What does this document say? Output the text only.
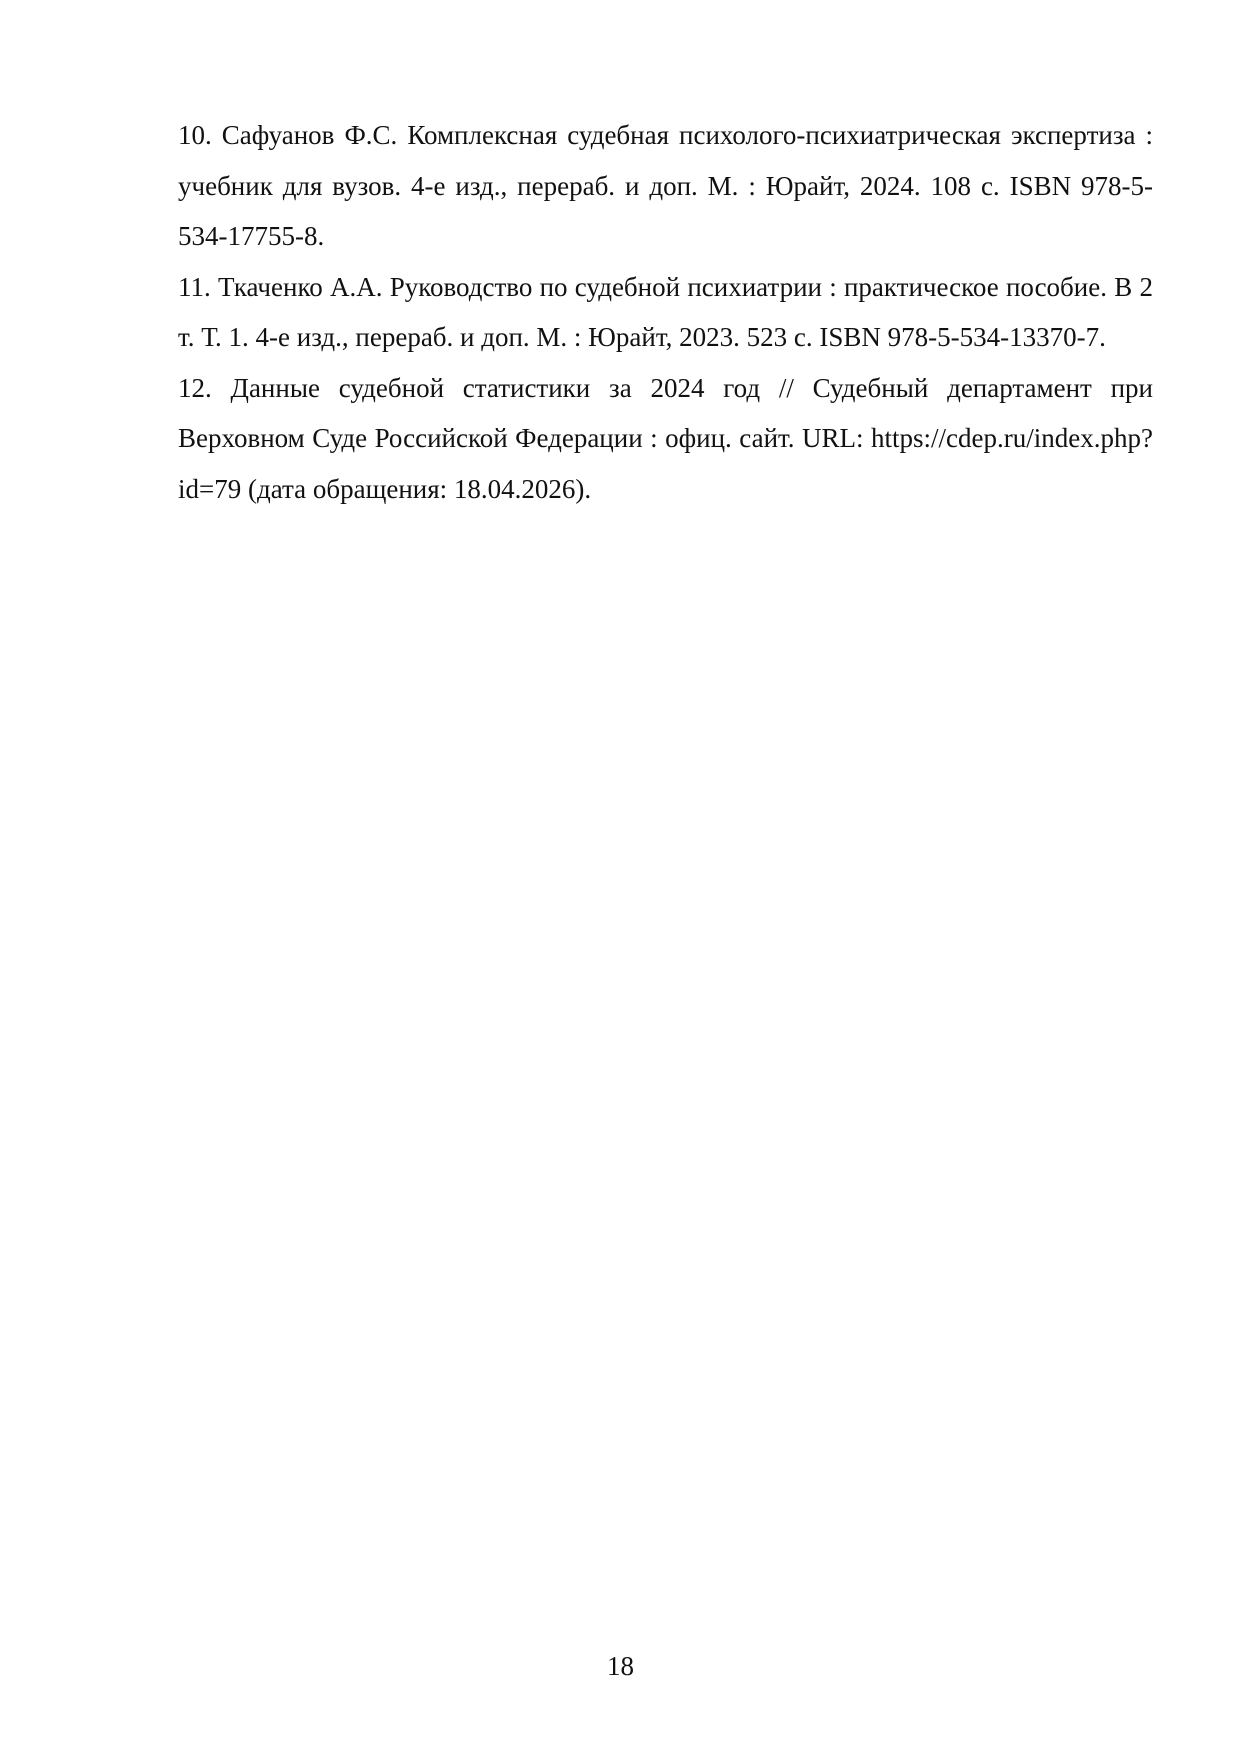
10. Сафуанов Ф.С. Комплексная судебная психолого-психиатрическая экспертиза : учебник для вузов. 4-е изд., перераб. и доп. М. : Юрайт, 2024. 108 с. ISBN 978-5-534-17755-8.

11. Ткаченко А.А. Руководство по судебной психиатрии : практическое пособие. В 2 т. Т. 1. 4-е изд., перераб. и доп. М. : Юрайт, 2023. 523 с. ISBN 978-5-534-13370-7.

12. Данные судебной статистики за 2024 год // Судебный департамент при Верховном Суде Российской Федерации : офиц. сайт. URL: https://cdep.ru/index.php?id=79 (дата обращения: 18.04.2026).

18
